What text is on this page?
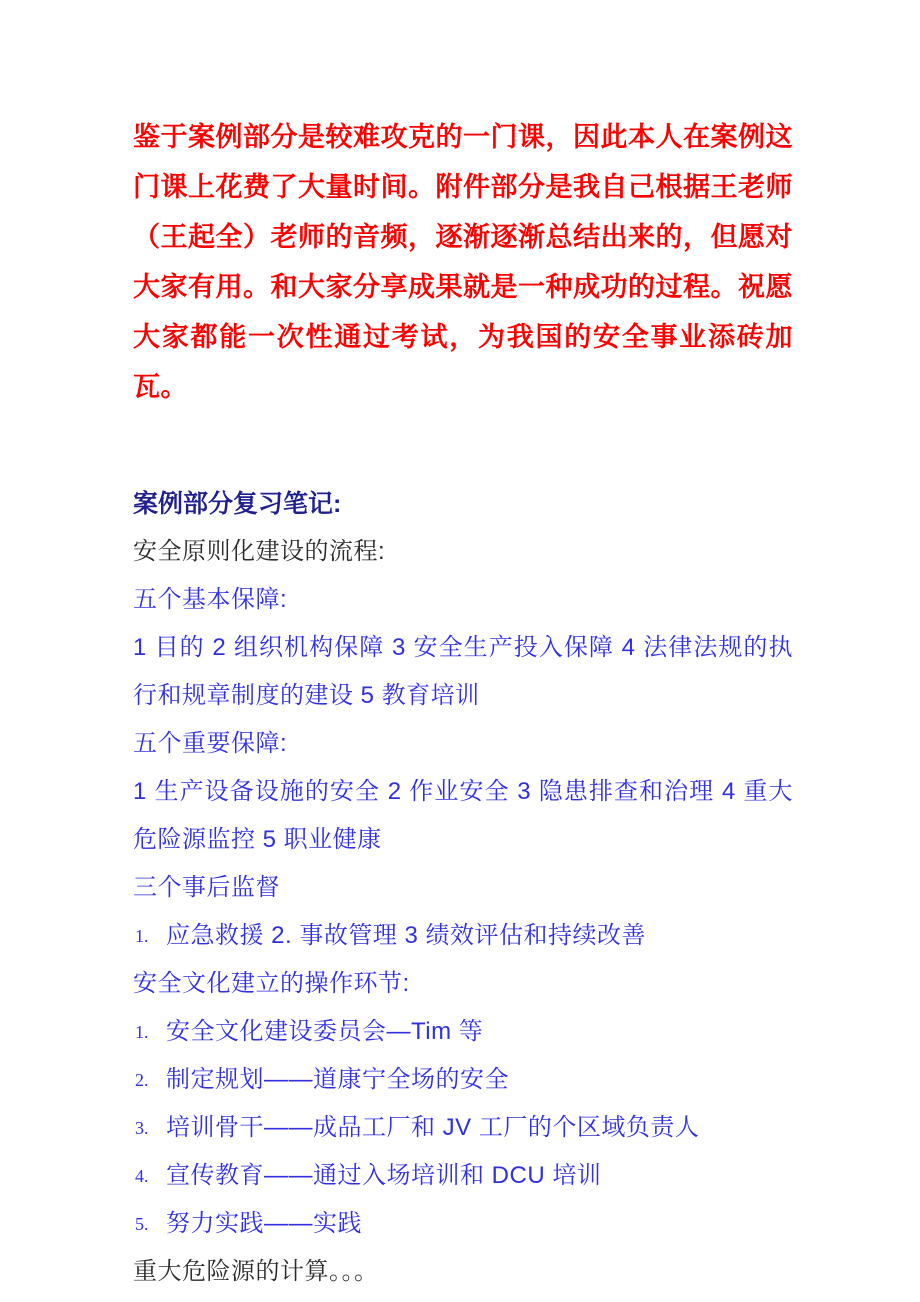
鉴于案例部分是较难攻克的一门课，因此本人在案例这门课上花费了大量时间。附件部分是我自己根据王老师（王起全）老师的音频，逐渐逐渐总结出来的，但愿对大家有用。和大家分享成果就是一种成功的过程。祝愿大家都能一次性通过考试，为我国的安全事业添砖加瓦。

案例部分复习笔记:

安全原则化建设的流程:

五个基本保障:

1 目的 2 组织机构保障 3 安全生产投入保障 4 法律法规的执行和规章制度的建设 5 教育培训

五个重要保障:

1 生产设备设施的安全 2 作业安全 3 隐患排查和治理 4 重大危险源监控 5 职业健康

三个事后监督

1. 应急救援 2. 事故管理 3 绩效评估和持续改善

安全文化建立的操作环节:

1. 安全文化建设委员会—Tim 等

2. 制定规划——道康宁全场的安全

3. 培训骨干——成品工厂和 JV 工厂的个区域负责人

4. 宣传教育——通过入场培训和 DCU 培训

5. 努力实践——实践

重大危险源的计算。。。
